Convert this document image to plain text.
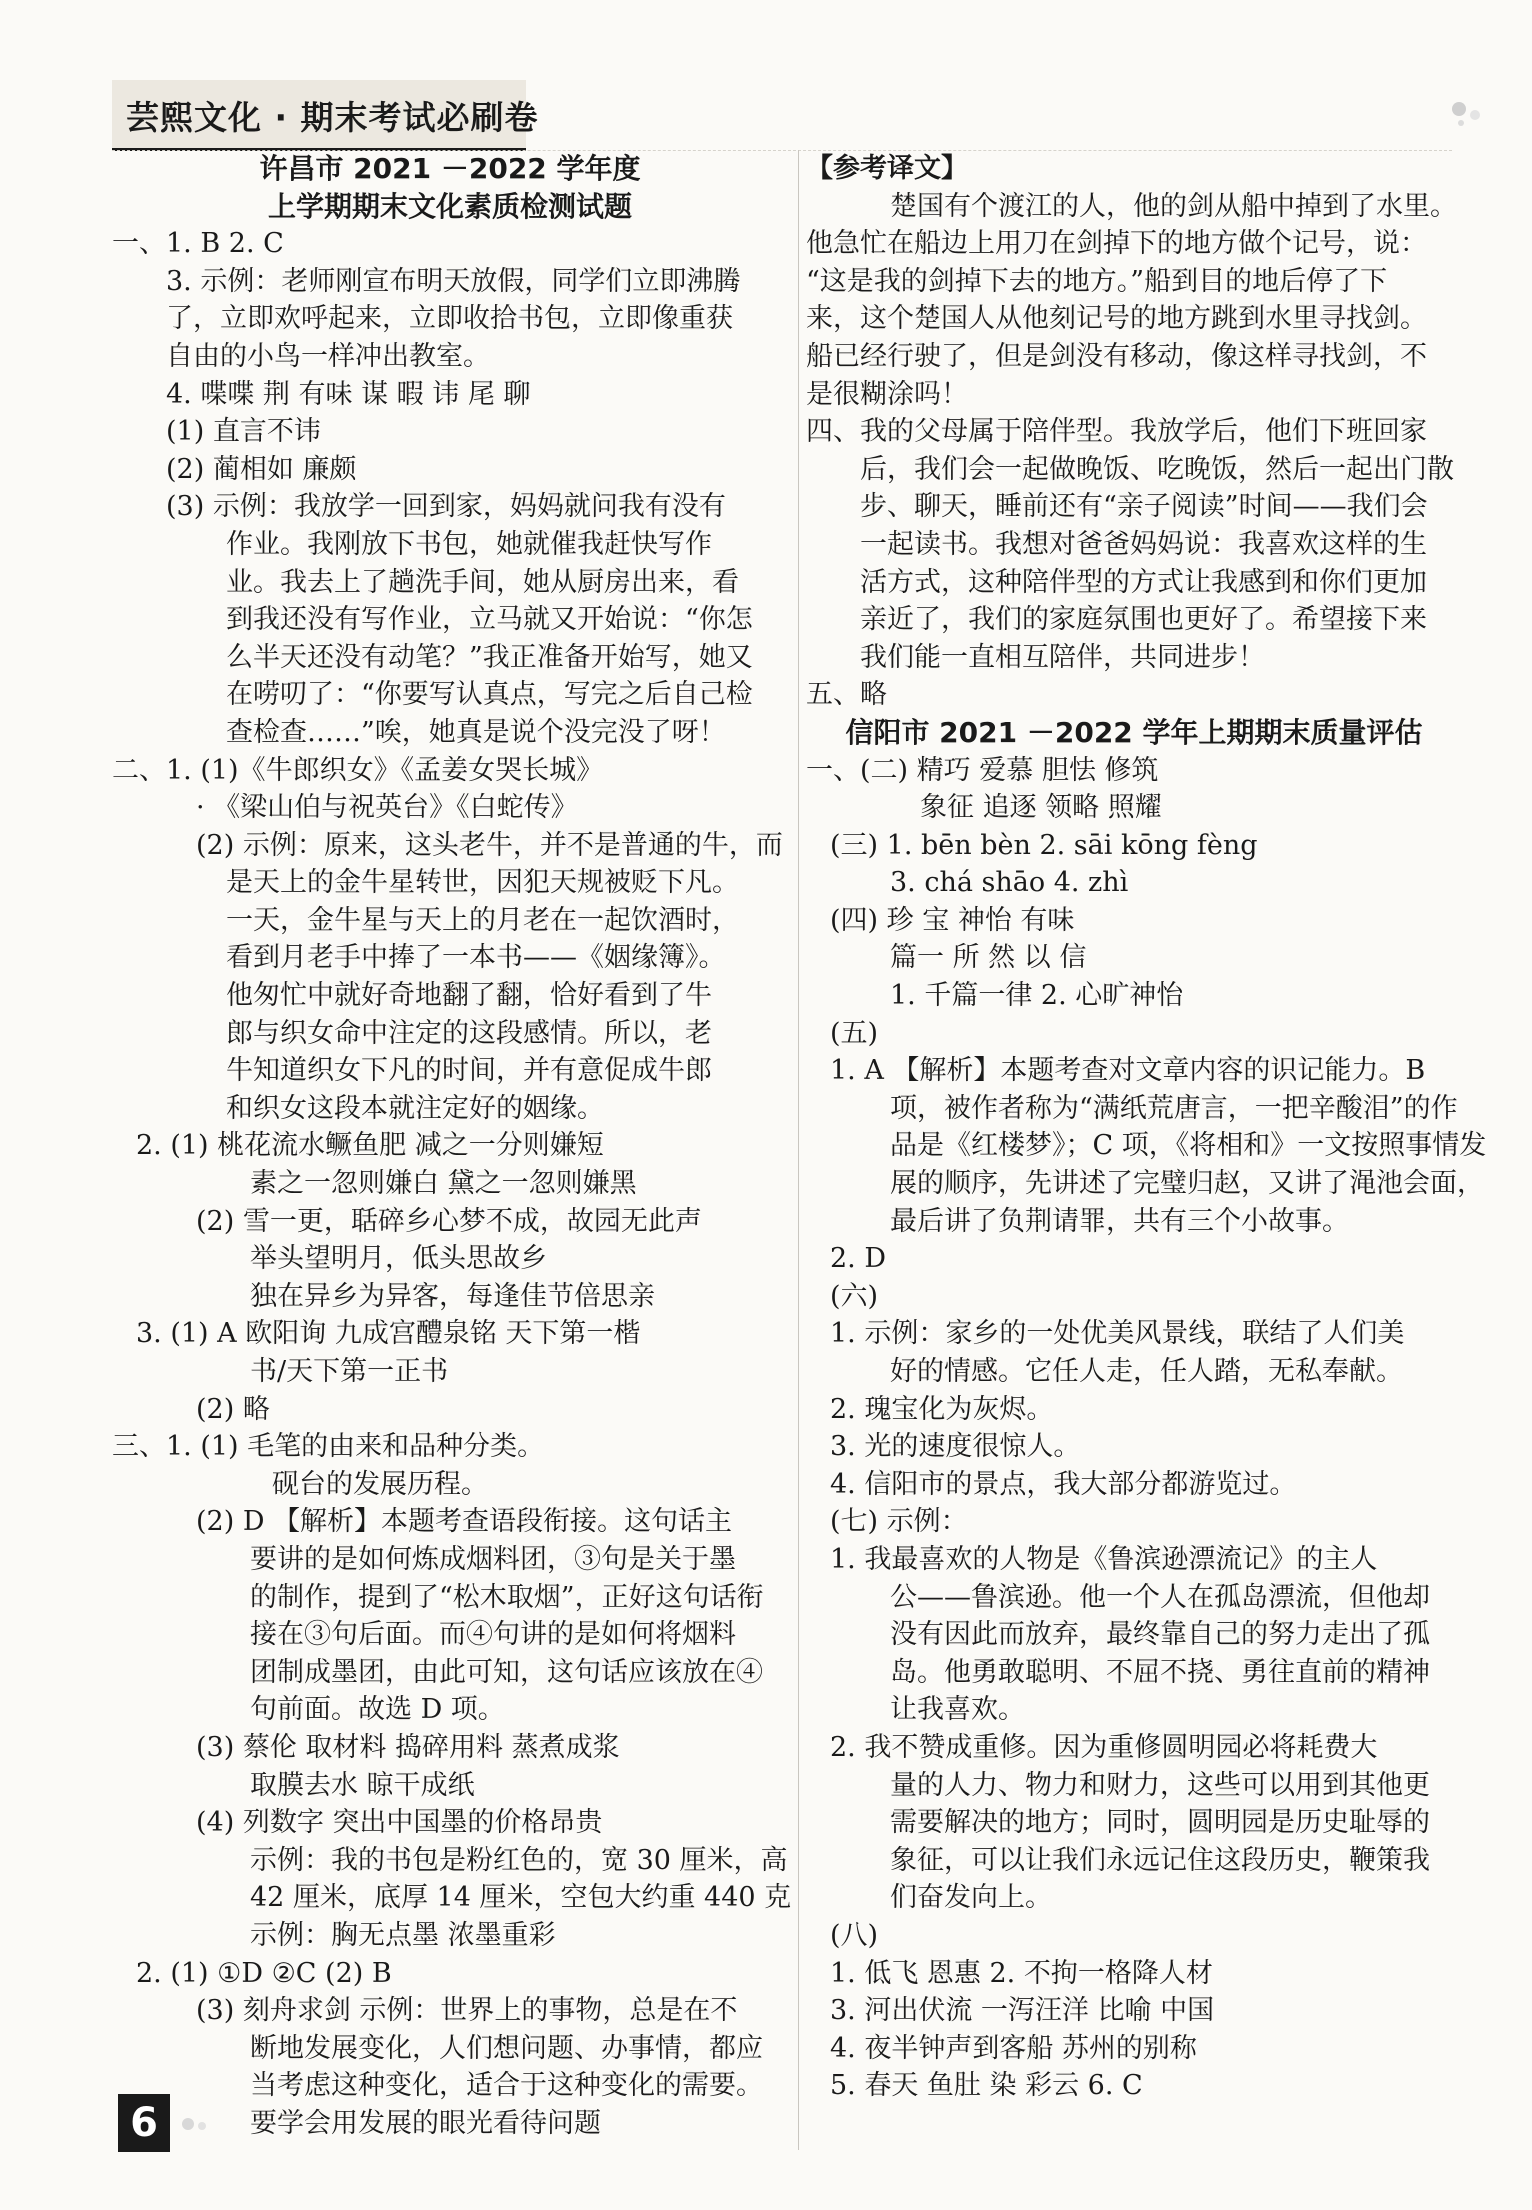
芸熙文化 · 期末考试必刷卷
许昌市 2021 －2022 学年度
上学期期末文化素质检测试题
一、1. B 2. C
3. 示例：老师刚宣布明天放假，同学们立即沸腾
了，立即欢呼起来，立即收拾书包，立即像重获
自由的小鸟一样冲出教室。
4. 喋喋 荆 有味 谋 暇 讳 尾 聊
(1) 直言不讳
(2) 蔺相如 廉颇
(3) 示例：我放学一回到家，妈妈就问我有没有
作业。我刚放下书包，她就催我赶快写作
业。我去上了趟洗手间，她从厨房出来，看
到我还没有写作业，立马就又开始说：“你怎
么半天还没有动笔？”我正准备开始写，她又
在唠叨了：“你要写认真点，写完之后自己检
查检查……”唉，她真是说个没完没了呀！
二、1. (1)《牛郎织女》《孟姜女哭长城》
· 《梁山伯与祝英台》《白蛇传》
(2) 示例：原来，这头老牛，并不是普通的牛，而
是天上的金牛星转世，因犯天规被贬下凡。
一天，金牛星与天上的月老在一起饮酒时，
看到月老手中捧了一本书——《姻缘簿》。
他匆忙中就好奇地翻了翻，恰好看到了牛
郎与织女命中注定的这段感情。所以，老
牛知道织女下凡的时间，并有意促成牛郎
和织女这段本就注定好的姻缘。
2. (1) 桃花流水鳜鱼肥 减之一分则嫌短
素之一忽则嫌白 黛之一忽则嫌黑
(2) 雪一更，聒碎乡心梦不成，故园无此声
举头望明月，低头思故乡
独在异乡为异客，每逢佳节倍思亲
3. (1) A 欧阳询 九成宫醴泉铭 天下第一楷
书/天下第一正书
(2) 略
三、1. (1) 毛笔的由来和品种分类。
砚台的发展历程。
(2) D 【解析】本题考查语段衔接。这句话主
要讲的是如何炼成烟料团，③句是关于墨
的制作，提到了“松木取烟”，正好这句话衔
接在③句后面。而④句讲的是如何将烟料
团制成墨团，由此可知，这句话应该放在④
句前面。故选 D 项。
(3) 蔡伦 取材料 捣碎用料 蒸煮成浆
取膜去水 晾干成纸
(4) 列数字 突出中国墨的价格昂贵
示例：我的书包是粉红色的，宽 30 厘米，高
42 厘米，底厚 14 厘米，空包大约重 440 克
示例：胸无点墨 浓墨重彩
2. (1) ①D ②C (2) B
(3) 刻舟求剑 示例：世界上的事物，总是在不
断地发展变化，人们想问题、办事情，都应
当考虑这种变化，适合于这种变化的需要。
要学会用发展的眼光看待问题
【参考译文】
楚国有个渡江的人，他的剑从船中掉到了水里。
他急忙在船边上用刀在剑掉下的地方做个记号，说：
“这是我的剑掉下去的地方。”船到目的地后停了下
来，这个楚国人从他刻记号的地方跳到水里寻找剑。
船已经行驶了，但是剑没有移动，像这样寻找剑，不
是很糊涂吗！
四、我的父母属于陪伴型。我放学后，他们下班回家
后，我们会一起做晚饭、吃晚饭，然后一起出门散
步、聊天，睡前还有“亲子阅读”时间——我们会
一起读书。我想对爸爸妈妈说：我喜欢这样的生
活方式，这种陪伴型的方式让我感到和你们更加
亲近了，我们的家庭氛围也更好了。希望接下来
我们能一直相互陪伴，共同进步！
五、略
信阳市 2021 －2022 学年上期期末质量评估
一、(二) 精巧 爱慕 胆怯 修筑
象征 追逐 领略 照耀
(三) 1. bēn bèn 2. sāi kōng fèng
3. chá shāo 4. zhì
(四) 珍 宝 神怡 有味
篇一 所 然 以 信
1. 千篇一律 2. 心旷神怡
(五)
1. A 【解析】本题考查对文章内容的识记能力。B
项，被作者称为“满纸荒唐言，一把辛酸泪”的作
品是《红楼梦》；C 项，《将相和》一文按照事情发
展的顺序，先讲述了完璧归赵，又讲了渑池会面，
最后讲了负荆请罪，共有三个小故事。
2. D
(六)
1. 示例：家乡的一处优美风景线，联结了人们美
好的情感。它任人走，任人踏，无私奉献。
2. 瑰宝化为灰烬。
3. 光的速度很惊人。
4. 信阳市的景点，我大部分都游览过。
(七) 示例：
1. 我最喜欢的人物是《鲁滨逊漂流记》的主人
公——鲁滨逊。他一个人在孤岛漂流，但他却
没有因此而放弃，最终靠自己的努力走出了孤
岛。他勇敢聪明、不屈不挠、勇往直前的精神
让我喜欢。
2. 我不赞成重修。因为重修圆明园必将耗费大
量的人力、物力和财力，这些可以用到其他更
需要解决的地方；同时，圆明园是历史耻辱的
象征，可以让我们永远记住这段历史，鞭策我
们奋发向上。
(八)
1. 低飞 恩惠 2. 不拘一格降人材
3. 河出伏流 一泻汪洋 比喻 中国
4. 夜半钟声到客船 苏州的别称
5. 春天 鱼肚 染 彩云 6. C
6
